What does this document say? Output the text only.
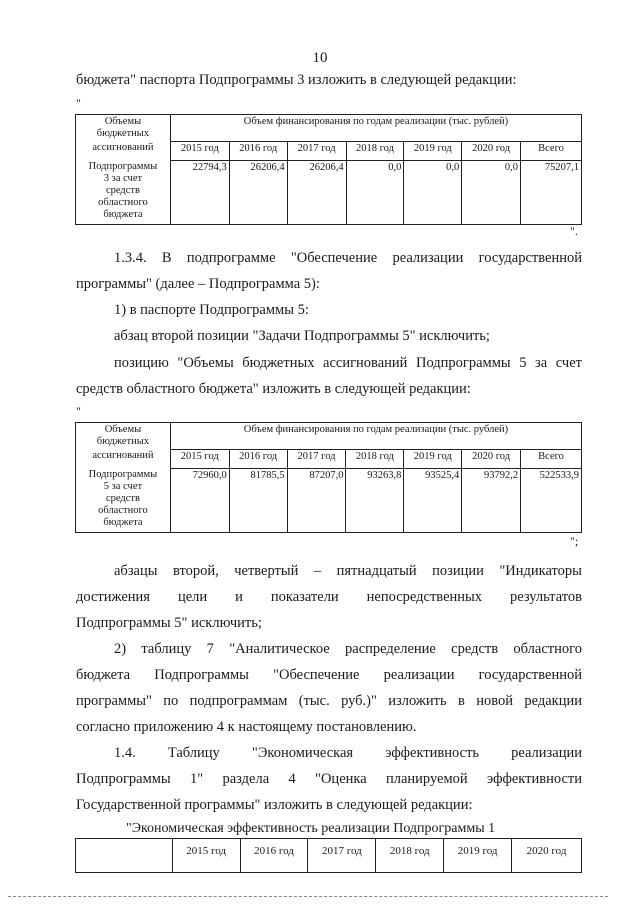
10
бюджета" паспорта Подпрограммы 3 изложить в следующей редакции:
"
Объемы
бюджетных	Объем финансирования по годам реализации (тыс. рублей)						

ассигнований	2015 год	2016 год	2017 год	2018 год	2019 год	2020 год	Всего

Подпрограммы
3 за счет
средств
областного
бюджета	22794,3	26206,4	26206,4	0,0	0,0	0,0	75207,1
".
1.3.4. В подпрограмме "Обеспечение реализации государственной
программы" (далее – Подпрограмма 5):
1) в паспорте Подпрограммы 5:
абзац второй позиции "Задачи Подпрограммы 5" исключить;
позицию "Объемы бюджетных ассигнований Подпрограммы 5 за счет
средств областного бюджета" изложить в следующей редакции:
"
Объемы
бюджетных	Объем финансирования по годам реализации (тыс. рублей)						

ассигнований	2015 год	2016 год	2017 год	2018 год	2019 год	2020 год	Всего

Подпрограммы
5 за счет
средств
областного
бюджета	72960,0	81785,5	87207,0	93263,8	93525,4	93792,2	522533,9
";
абзацы второй, четвертый – пятнадцатый позиции "Индикаторы
достижения цели и показатели непосредственных результатов
Подпрограммы 5" исключить;
2) таблицу 7 "Аналитическое распределение средств областного
бюджета Подпрограммы "Обеспечение реализации государственной
программы" по подпрограммам (тыс. руб.)" изложить в новой редакции
согласно приложению 4 к настоящему постановлению.
1.4. Таблицу "Экономическая эффективность реализации
Подпрограммы 1" раздела 4 "Оценка планируемой эффективности
Государственной программы" изложить в следующей редакции:
"Экономическая эффективность реализации Подпрограммы 1
	2015 год	2016 год	2017 год	2018 год	2019 год	2020 год
